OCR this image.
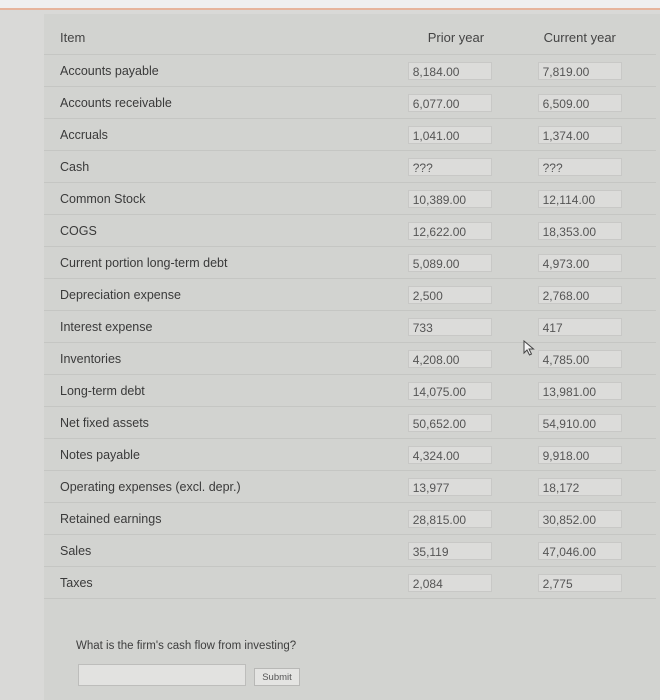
Item	Prior year	Current year
Accounts payable	8,184.00	7,819.00
Accounts receivable	6,077.00	6,509.00
Accruals	1,041.00	1,374.00
Cash	???	???
Common Stock	10,389.00	12,114.00
COGS	12,622.00	18,353.00
Current portion long-term debt	5,089.00	4,973.00
Depreciation expense	2,500	2,768.00
Interest expense	733	417
Inventories	4,208.00	4,785.00
Long-term debt	14,075.00	13,981.00
Net fixed assets	50,652.00	54,910.00
Notes payable	4,324.00	9,918.00
Operating expenses (excl. depr.)	13,977	18,172
Retained earnings	28,815.00	30,852.00
Sales	35,119	47,046.00
Taxes	2,084	2,775
What is the firm's cash flow from investing?
Submit
